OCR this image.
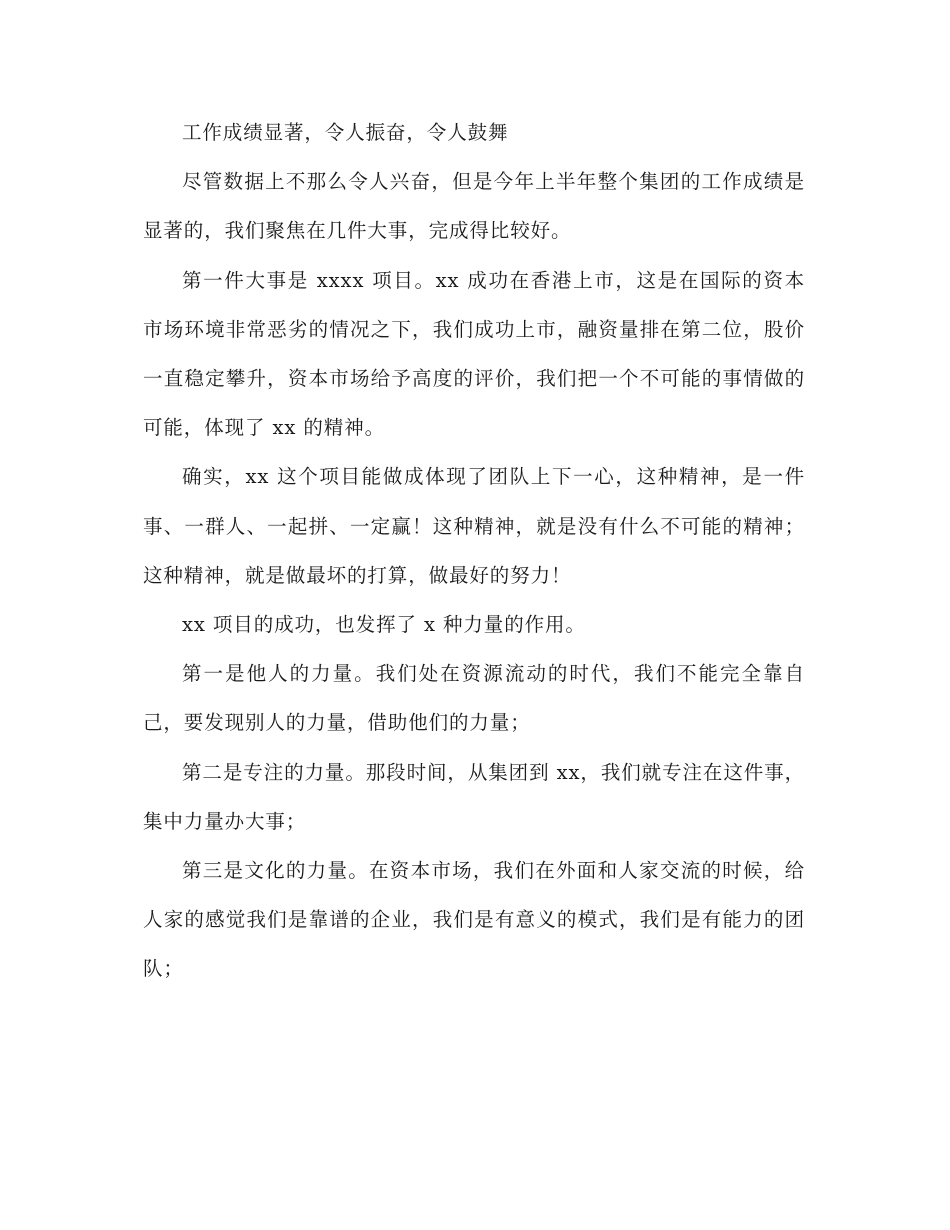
工作成绩显著，令人振奋，令人鼓舞

尽管数据上不那么令人兴奋，但是今年上半年整个集团的工作成绩是显著的，我们聚焦在几件大事，完成得比较好。

第一件大事是 xxxx 项目。xx 成功在香港上市，这是在国际的资本市场环境非常恶劣的情况之下，我们成功上市，融资量排在第二位，股价一直稳定攀升，资本市场给予高度的评价，我们把一个不可能的事情做的可能，体现了 xx 的精神。

确实，xx 这个项目能做成体现了团队上下一心，这种精神，是一件事、一群人、一起拼、一定赢！这种精神，就是没有什么不可能的精神；这种精神，就是做最坏的打算，做最好的努力！

xx 项目的成功，也发挥了 x 种力量的作用。

第一是他人的力量。我们处在资源流动的时代，我们不能完全靠自己，要发现别人的力量，借助他们的力量；

第二是专注的力量。那段时间，从集团到 xx，我们就专注在这件事，集中力量办大事；

第三是文化的力量。在资本市场，我们在外面和人家交流的时候，给人家的感觉我们是靠谱的企业，我们是有意义的模式，我们是有能力的团队；
